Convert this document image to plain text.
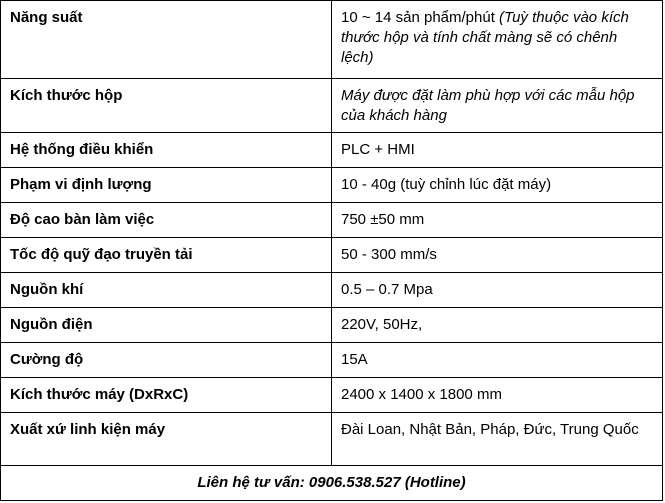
Năng suất	10 ~ 14 sản phẩm/phút (Tuỳ thuộc vào kích thước hộp và tính chất màng sẽ có chênh lệch)
Kích thước hộp	Máy được đặt làm phù hợp với các mẫu hộp của khách hàng
Hệ thống điều khiển	PLC + HMI
Phạm vi định lượng	10 - 40g (tuỳ chỉnh lúc đặt máy)
Độ cao bàn làm việc	750 ±50 mm
Tốc độ quỹ đạo truyền tải	50 - 300 mm/s
Nguồn khí	0.5 – 0.7 Mpa
Nguồn điện	220V, 50Hz,
Cường độ	15A
Kích thước máy (DxRxC)	2400 x 1400 x 1800 mm
Xuất xứ linh kiện máy	Đài Loan, Nhật Bản, Pháp, Đức, Trung Quốc
Liên hệ tư vấn: 0906.538.527 (Hotline)	
